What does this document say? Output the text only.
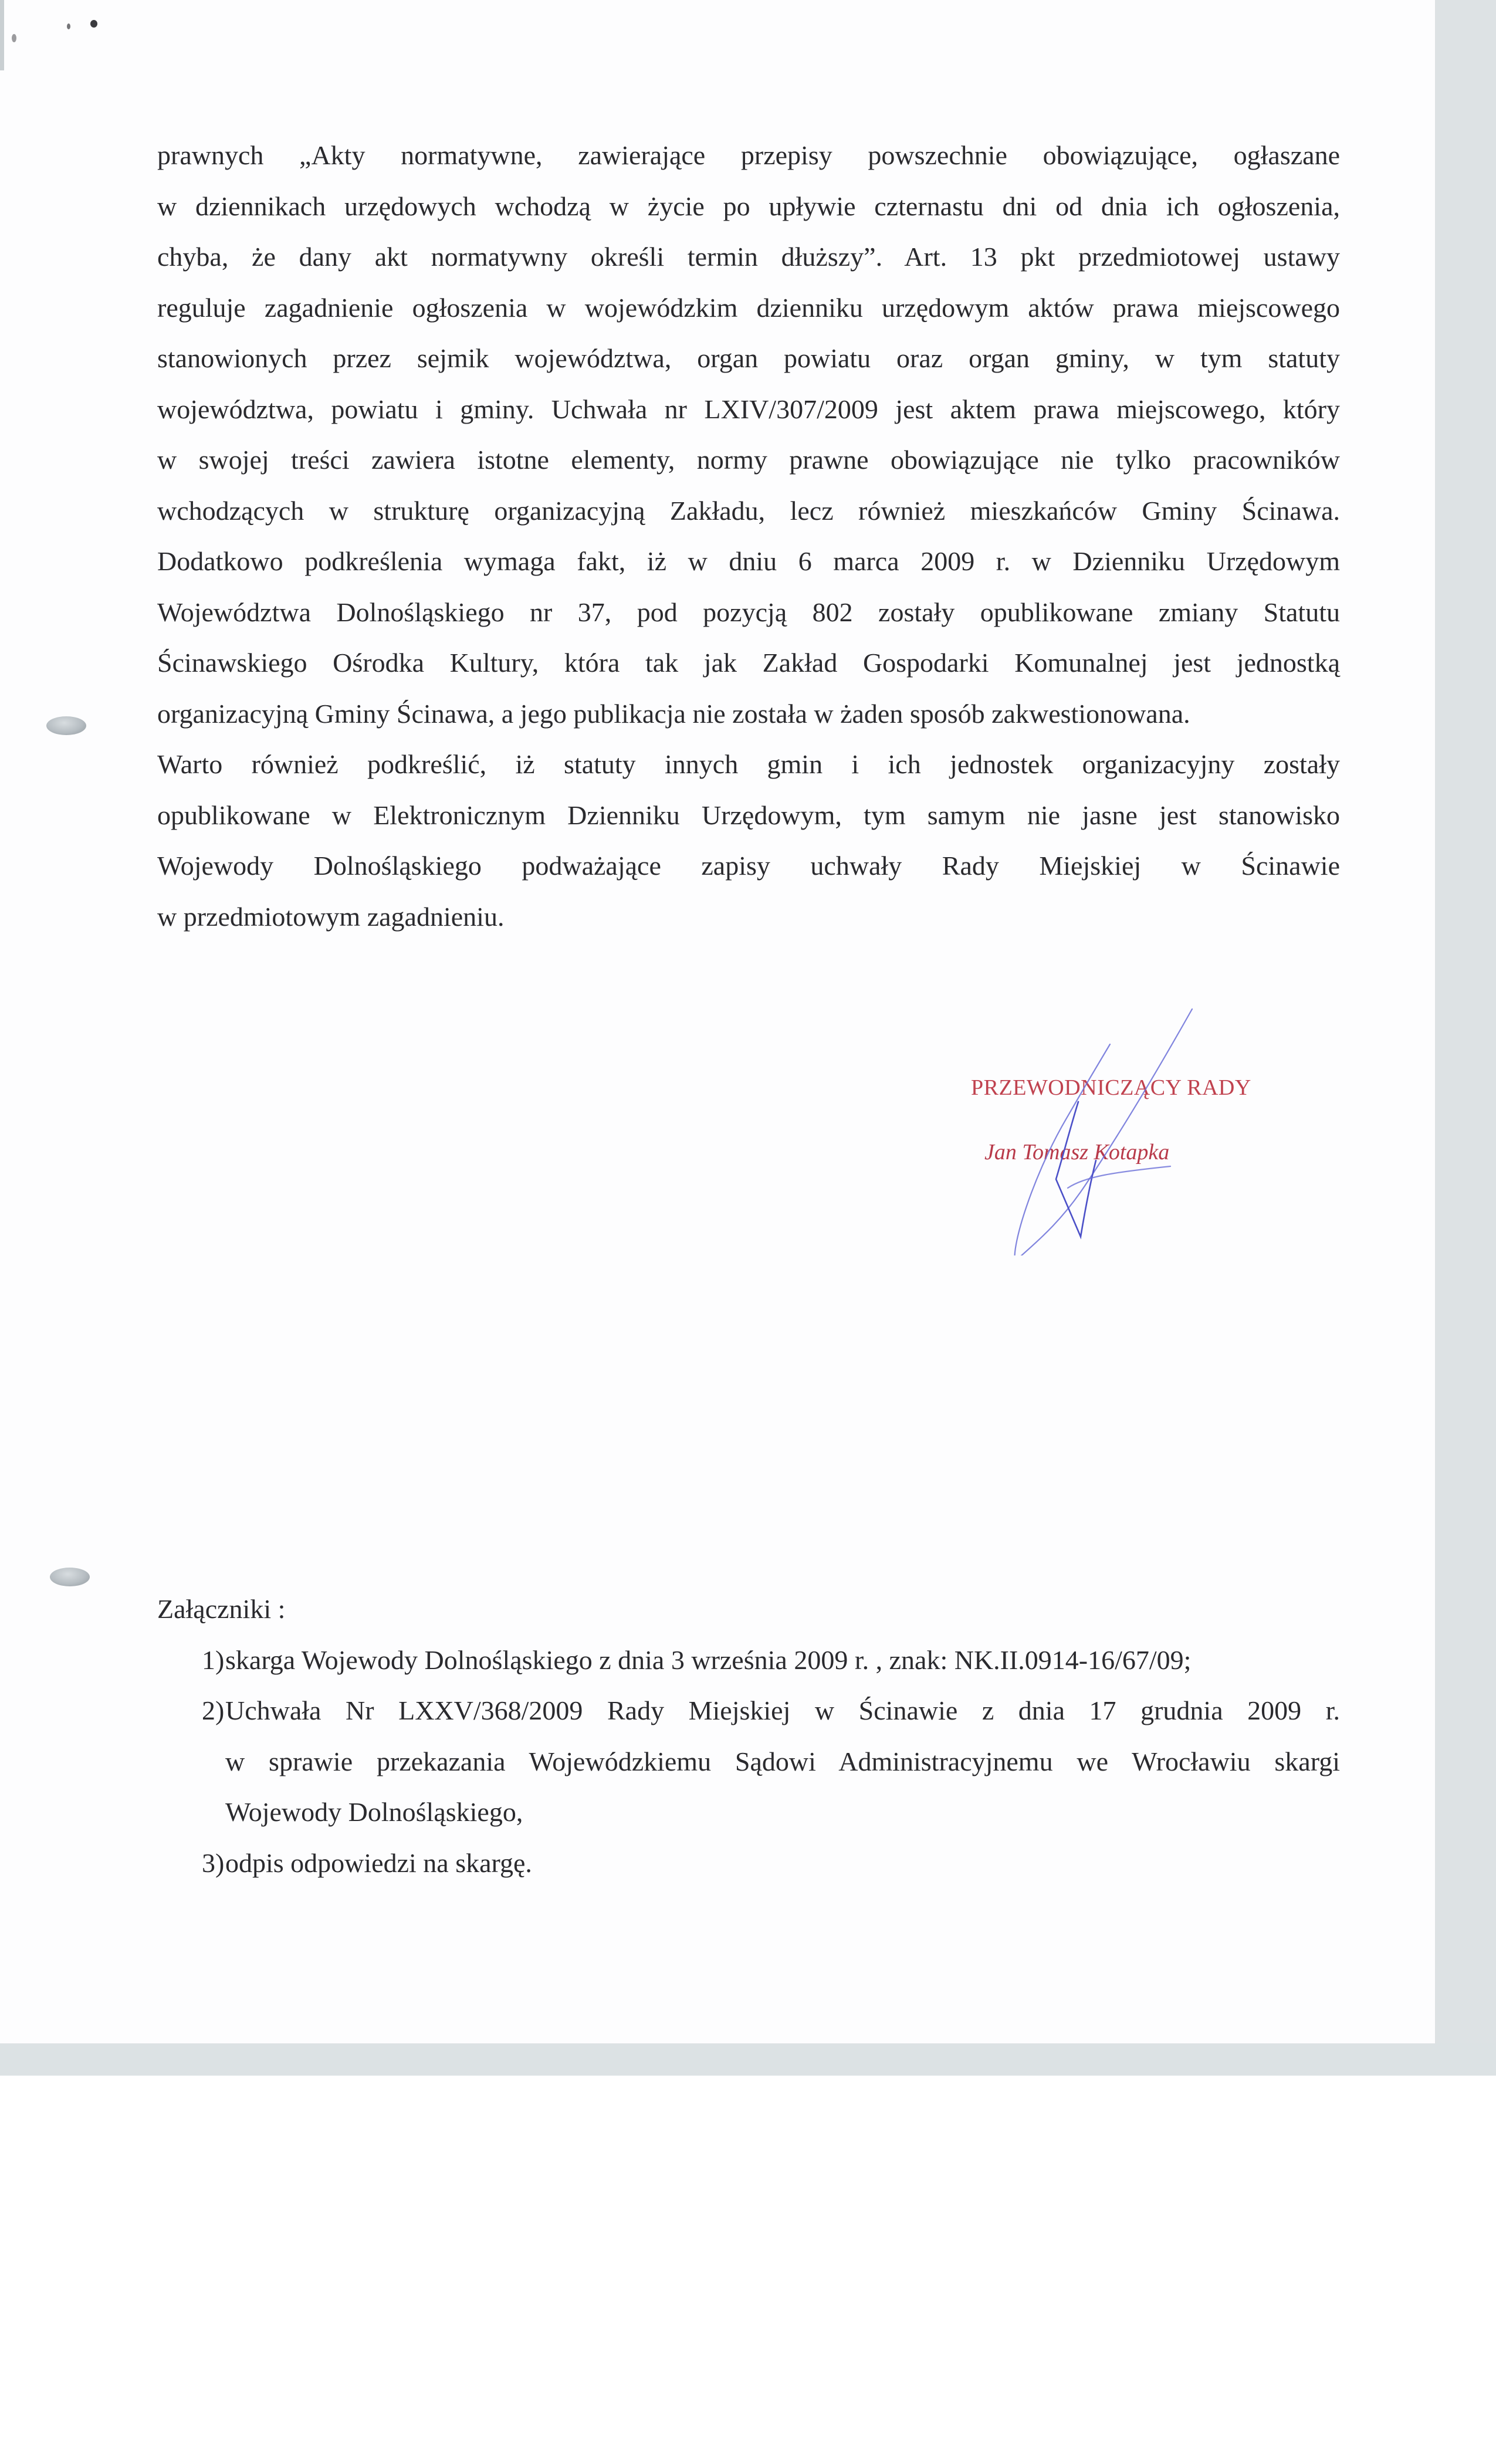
prawnych „Akty normatywne, zawierające przepisy powszechnie obowiązujące, ogłaszane
w dziennikach urzędowych wchodzą w życie po upływie czternastu dni od dnia ich ogłoszenia,
chyba, że dany akt normatywny określi termin dłuższy”. Art. 13 pkt przedmiotowej ustawy
reguluje zagadnienie ogłoszenia w wojewódzkim dzienniku urzędowym aktów prawa miejscowego
stanowionych przez sejmik województwa, organ powiatu oraz organ gminy, w tym statuty
województwa, powiatu i gminy. Uchwała nr LXIV/307/2009 jest aktem prawa miejscowego, który
w swojej treści zawiera istotne elementy, normy prawne obowiązujące nie tylko pracowników
wchodzących w strukturę organizacyjną Zakładu, lecz również mieszkańców Gminy Ścinawa.
Dodatkowo podkreślenia wymaga fakt, iż w dniu 6 marca 2009 r. w Dzienniku Urzędowym
Województwa Dolnośląskiego nr 37, pod pozycją 802 zostały opublikowane zmiany Statutu
Ścinawskiego Ośrodka Kultury, która tak jak Zakład Gospodarki Komunalnej jest jednostką
organizacyjną Gminy Ścinawa, a jego publikacja nie została w żaden sposób zakwestionowana.
Warto również podkreślić, iż statuty innych gmin i ich jednostek organizacyjny zostały
opublikowane w Elektronicznym Dzienniku Urzędowym, tym samym nie jasne jest stanowisko
Wojewody Dolnośląskiego podważające zapisy uchwały Rady Miejskiej w Ścinawie
w przedmiotowym zagadnieniu.
PRZEWODNICZĄCY RADY
Jan Tomasz Kotapka
Załączniki :
1) skarga Wojewody Dolnośląskiego z dnia 3 września 2009 r. , znak: NK.II.0914-16/67/09;
2) Uchwała Nr LXXV/368/2009 Rady Miejskiej w Ścinawie z dnia 17 grudnia 2009 r.
w sprawie przekazania Wojewódzkiemu Sądowi Administracyjnemu we Wrocławiu skargi
Wojewody Dolnośląskiego,
3) odpis odpowiedzi na skargę.
